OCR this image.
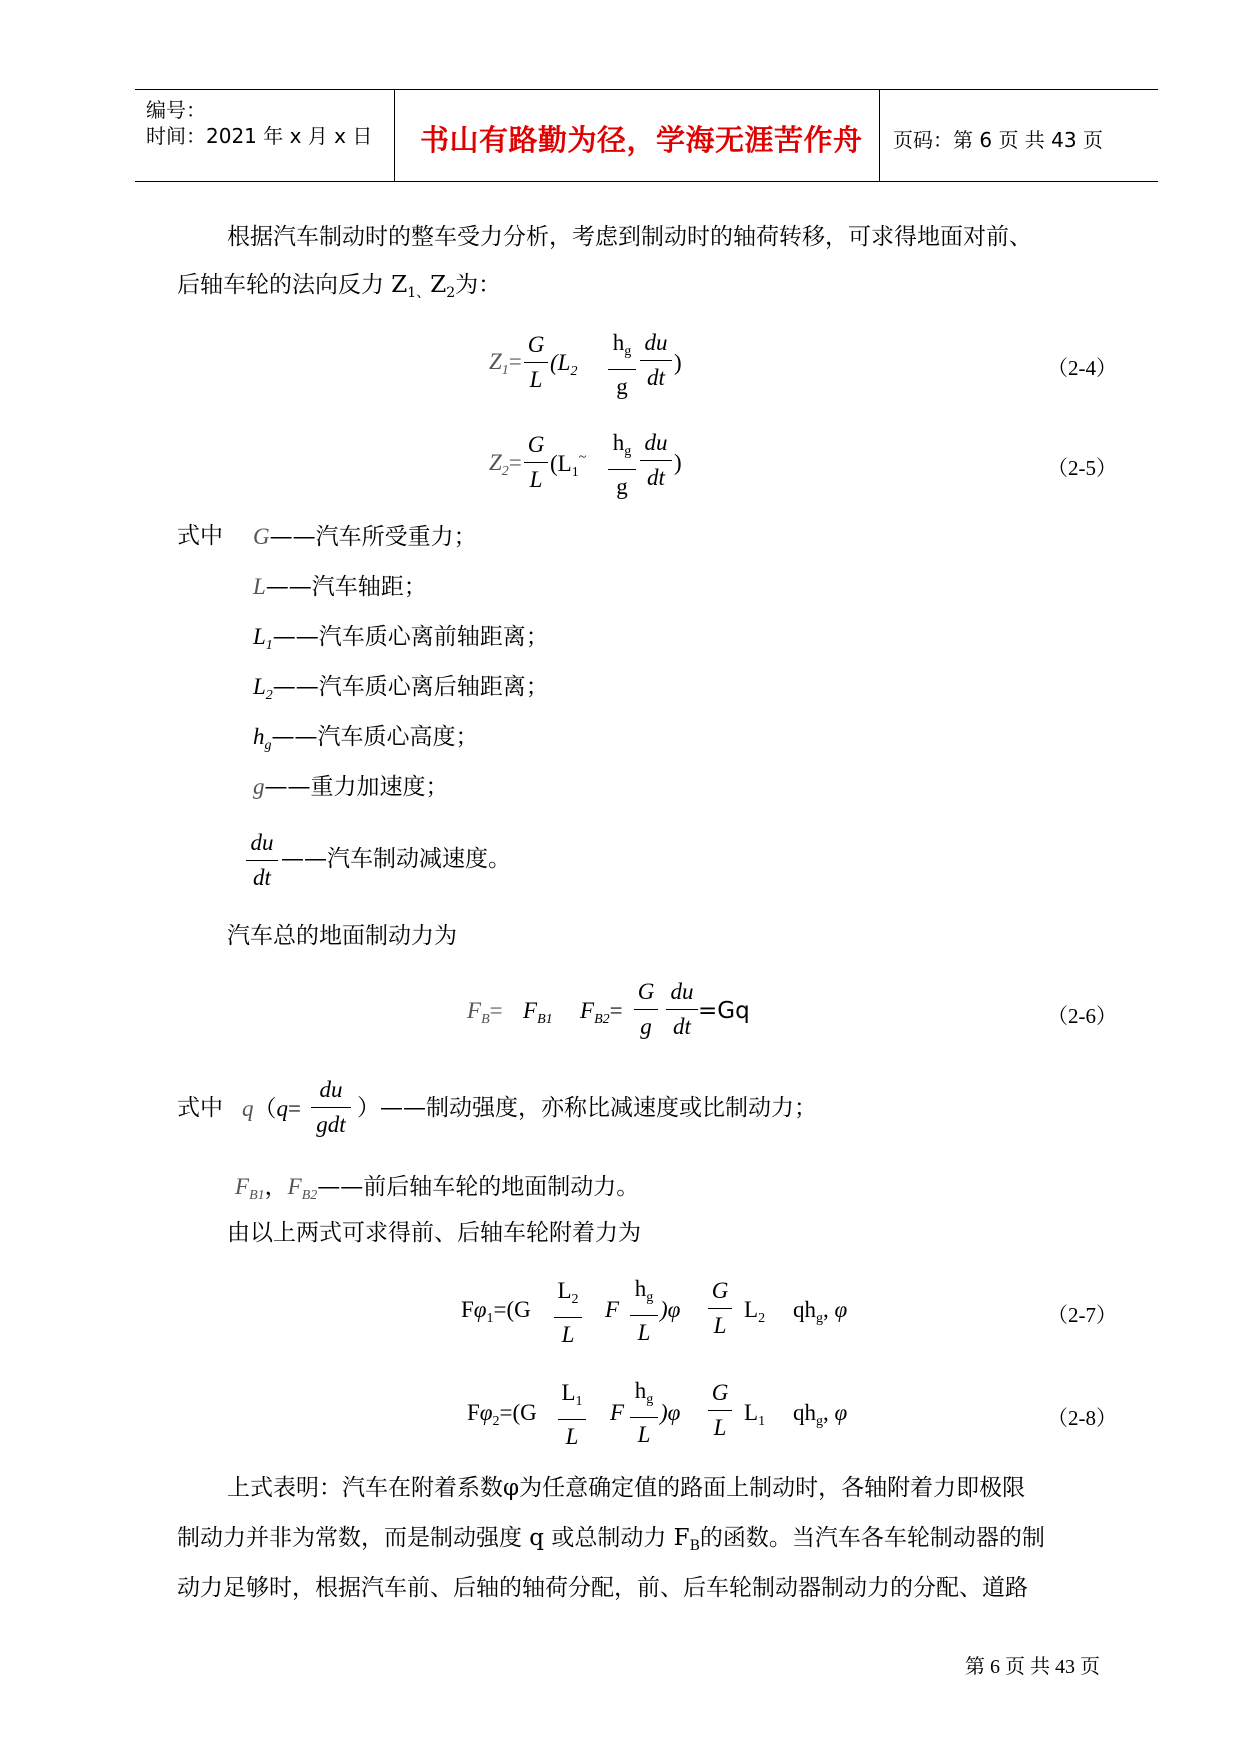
编号：
时间：2021 年 x 月 x 日 书山有路勤为径，学海无涯苦作舟 页码：第 6 页 共 43 页
根据汽车制动时的整车受力分析，考虑到制动时的轴荷转移，可求得地面对前、
后轴车轮的法向反力 $Z_{1、}Z_2$为：
$Z_1=$
G
L
($L_2+$
$h_g$
g
du
dt
)	（2-4）
$Z_2=$
G
L
($L_1^\sim$
$h_g$
g
du
dt
)	（2-5）
式中 G——汽车所受重力；
L——汽车轴距；
$L_1——$汽车质心离前轴距离；
$L_2——$汽车质心离后轴距离；
$h_g——$汽车质心高度；
g——重力加速度；
du
dt
——汽车制动减速度。
汽车总的地面制动力为
$F_B= F_{B1}+ F_{B2}=$
G
g
du
dt
=Gq	（2-6）
式中 q（q=
du
gdt
）——制动强度，亦称比减速度或比制动力；
$F_{B1}$，$F_{B2}——$前后轴车轮的地面制动力。
由以上两式可求得前、后轴车轮附着力为
$F\varphi_1=(G$
$L_2$
L
F
$h_g$
L
)φ
G
L
$L_2$ $qh_g$, φ	（2-7）
$F\varphi_2=(G$
$L_1$
L
F
$h_g$
L
)φ
G
L
$L_1$ $qh_g$, φ	（2-8）
上式表明：汽车在附着系数φ为任意确定值的路面上制动时，各轴附着力即极限
制动力并非为常数，而是制动强度 q 或总制动力 $F_B$的函数。当汽车各车轮制动器的制
动力足够时，根据汽车前、后轴的轴荷分配，前、后车轮制动器制动力的分配、道路
第 6 页 共 43 页
